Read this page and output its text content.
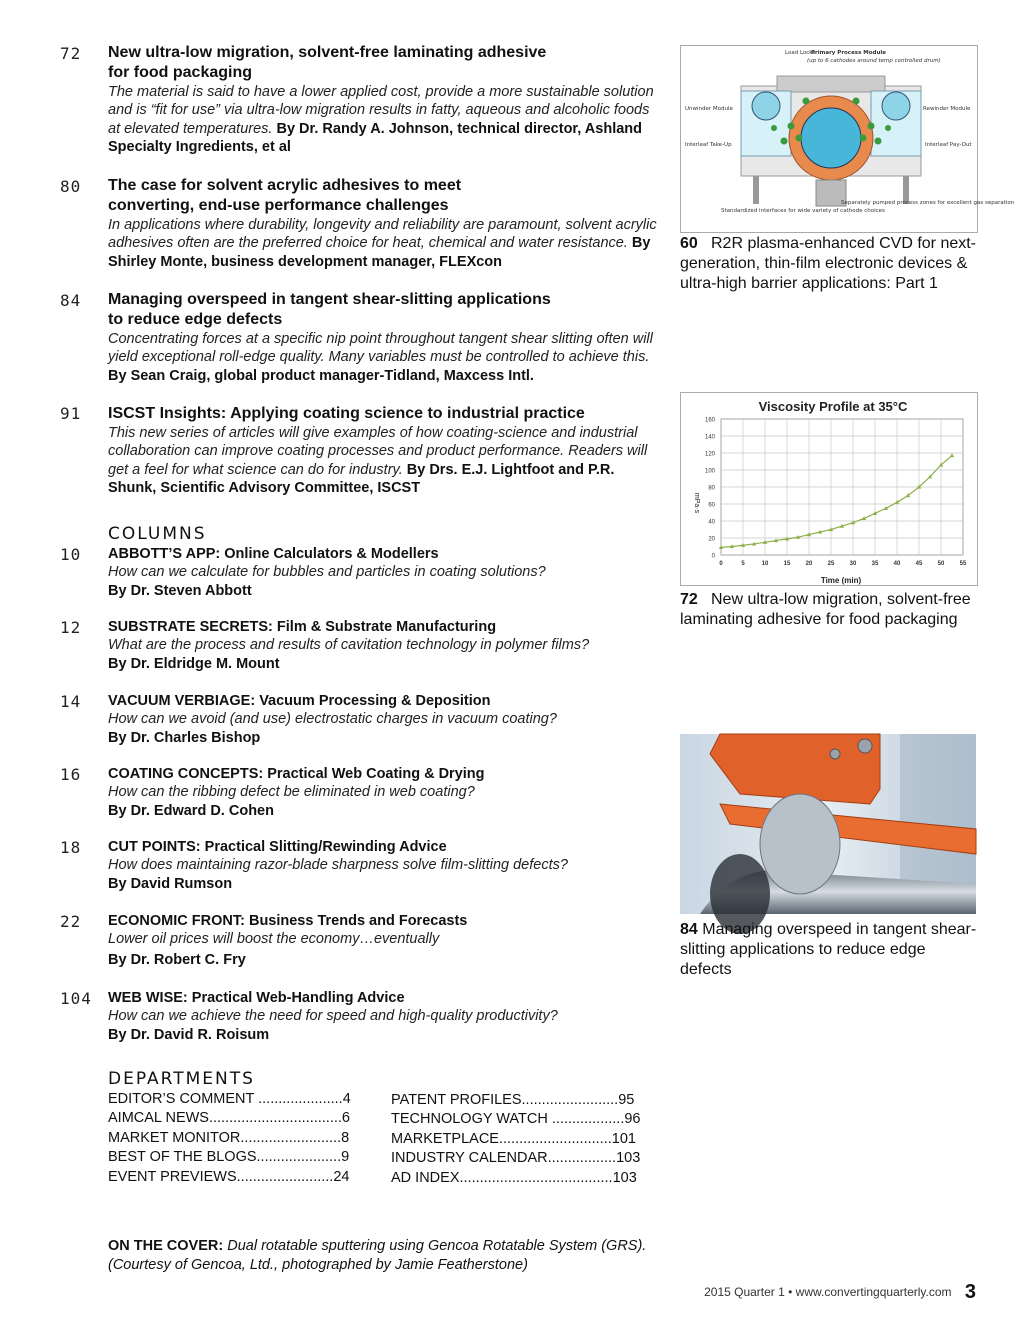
72 New ultra-low migration, solvent-free laminating adhesive
for food packaging
The material is said to have a lower applied cost, provide a more sustainable solution and is “fit for use” via ultra-low migration results in fatty, aqueous and alcoholic foods at elevated temperatures. By Dr. Randy A. Johnson, technical director, Ashland Specialty Ingredients, et al
80 The case for solvent acrylic adhesives to meet
converting, end-use performance challenges
In applications where durability, longevity and reliability are paramount, solvent acrylic adhesives often are the preferred choice for heat, chemical and water resistance. By Shirley Monte, business development manager, FLEXcon
84 Managing overspeed in tangent shear-slitting applications
to reduce edge defects
Concentrating forces at a specific nip point throughout tangent shear slitting often will yield exceptional roll-edge quality. Many variables must be controlled to achieve this. By Sean Craig, global product manager-Tidland, Maxcess Intl.
91 ISCST Insights: Applying coating science to industrial practice
This new series of articles will give examples of how coating-science and industrial collaboration can improve coating processes and product performance. Readers will get a feel for what science can do for industry. By Drs. E.J. Lightfoot and P.R. Shunk, Scientific Advisory Committee, ISCST
COLUMNS
10 ABBOTT’S APP: Online Calculators & Modellers
How can we calculate for bubbles and particles in coating solutions?
By Dr. Steven Abbott
12 SUBSTRATE SECRETS: Film & Substrate Manufacturing
What are the process and results of cavitation technology in polymer films?
By Dr. Eldridge M. Mount
14 VACUUM VERBIAGE: Vacuum Processing & Deposition
How can we avoid (and use) electrostatic charges in vacuum coating?
By Dr. Charles Bishop
16 COATING CONCEPTS: Practical Web Coating & Drying
How can the ribbing defect be eliminated in web coating?
By Dr. Edward D. Cohen
18 CUT POINTS: Practical Slitting/Rewinding Advice
How does maintaining razor-blade sharpness solve film-slitting defects?
By David Rumson
22 ECONOMIC FRONT: Business Trends and Forecasts
Lower oil prices will boost the economy…eventually
By Dr. Robert C. Fry
104 WEB WISE: Practical Web-Handling Advice
How can we achieve the need for speed and high-quality productivity?
By Dr. David R. Roisum
DEPARTMENTS
EDITOR’S COMMENT .....................4
AIMCAL NEWS.................................6
MARKET MONITOR.........................8
BEST OF THE BLOGS.....................9
EVENT PREVIEWS........................24
PATENT PROFILES........................95
TECHNOLOGY WATCH ..................96
MARKETPLACE............................101
INDUSTRY CALENDAR.................103
AD INDEX......................................103
ON THE COVER: Dual rotatable sputtering using Gencoa Rotatable System (GRS). (Courtesy of Gencoa, Ltd., photographed by Jamie Featherstone)
2015 Quarter 1 • www.convertingquarterly.com 3
Load Locks
Primary Process Module
(up to 6 cathodes around temp controlled drum)
Unwinder Module	Rewinder Module
Interleaf Take-Up	Interleaf Pay-Out
Standardized interfaces for wide variety of cathode choices
Separately pumped process zones for excellent gas separation
60 R2R plasma-enhanced CVD for next-generation, thin-film electronic devices & ultra-high barrier applications: Part 1
Viscosity Profile at 35°C
Time (min)
mPa·s
0
20
40
60
80
100
120
140
160
0	5	10	15	20	25	30	35	40	45	50	55
72 New ultra-low migration, solvent-free laminating adhesive for food packaging
84 Managing overspeed in tangent shear-slitting applications to reduce edge defects
